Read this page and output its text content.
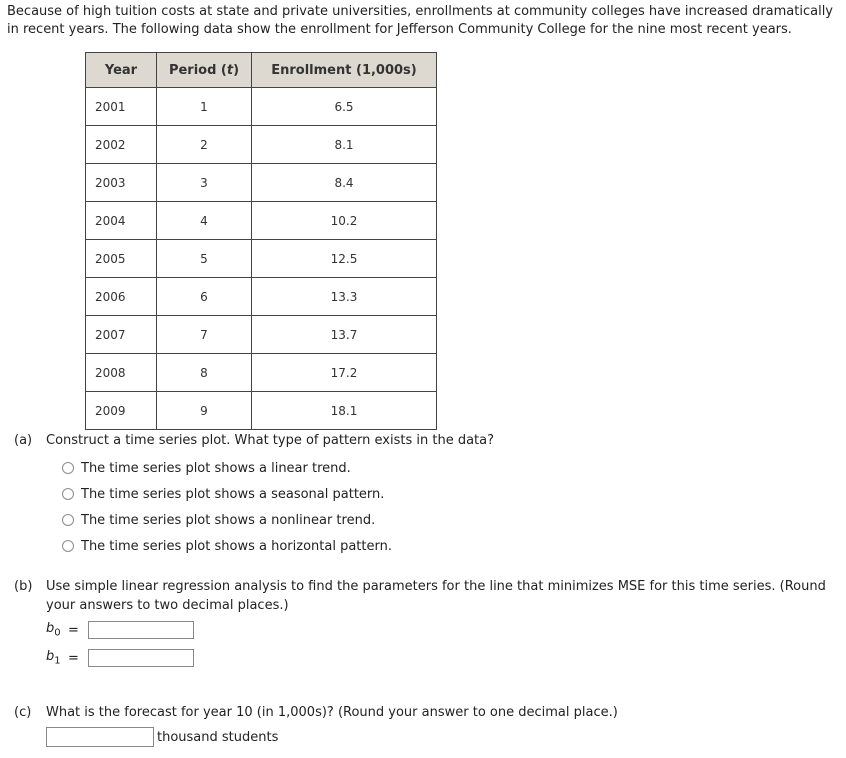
Because of high tuition costs at state and private universities, enrollments at community colleges have increased dramatically
in recent years. The following data show the enrollment for Jefferson Community College for the nine most recent years.
Year	Period (t)	Enrollment (1,000s)
2001	1	6.5
2002	2	8.1
2003	3	8.4
2004	4	10.2
2005	5	12.5
2006	6	13.3
2007	7	13.7
2008	8	17.2
2009	9	18.1
(a) Construct a time series plot. What type of pattern exists in the data?
The time series plot shows a linear trend.
The time series plot shows a seasonal pattern.
The time series plot shows a nonlinear trend.
The time series plot shows a horizontal pattern.
(b) Use simple linear regression analysis to find the parameters for the line that minimizes MSE for this time series. (Round
your answers to two decimal places.)
$b_0$ =
$b_1$ =
(c) What is the forecast for year 10 (in 1,000s)? (Round your answer to one decimal place.)
thousand students
